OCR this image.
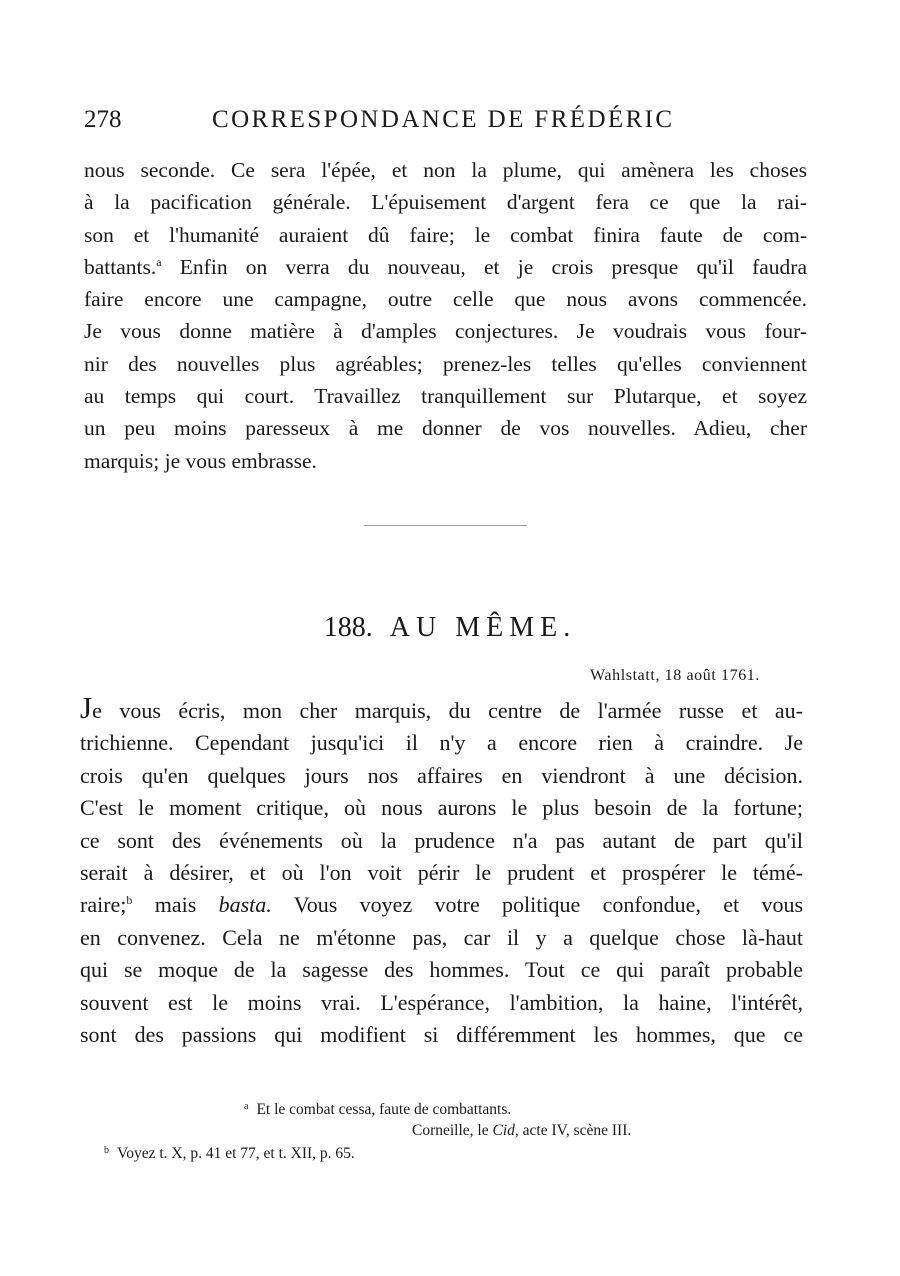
278	CORRESPONDANCE DE FRÉDÉRIC
nous seconde. Ce sera l'épée, et non la plume, qui amènera les choses
à la pacification générale. L'épuisement d'argent fera ce que la rai-
son et l'humanité auraient dû faire; le combat finira faute de com-
battants.$^a$ Enfin on verra du nouveau, et je crois presque qu'il faudra
faire encore une campagne, outre celle que nous avons commencée.
Je vous donne matière à d'amples conjectures. Je voudrais vous four-
nir des nouvelles plus agréables; prenez-les telles qu'elles conviennent
au temps qui court. Travaillez tranquillement sur Plutarque, et soyez
un peu moins paresseux à me donner de vos nouvelles. Adieu, cher
marquis; je vous embrasse.
188. AU MÊME.
Wahlstatt, 18 août 1761.
Je vous écris, mon cher marquis, du centre de l'armée russe et au-
trichienne. Cependant jusqu'ici il n'y a encore rien à craindre. Je
crois qu'en quelques jours nos affaires en viendront à une décision.
C'est le moment critique, où nous aurons le plus besoin de la fortune;
ce sont des événements où la prudence n'a pas autant de part qu'il
serait à désirer, et où l'on voit périr le prudent et prospérer le témé-
raire;$^b$ mais basta. Vous voyez votre politique confondue, et vous
en convenez. Cela ne m'étonne pas, car il y a quelque chose là-haut
qui se moque de la sagesse des hommes. Tout ce qui paraît probable
souvent est le moins vrai. L'espérance, l'ambition, la haine, l'intérêt,
sont des passions qui modifient si différemment les hommes, que ce
$^a$ Et le combat cessa, faute de combattants.
Corneille, le Cid, acte IV, scène III.
$^b$ Voyez t. X, p. 41 et 77, et t. XII, p. 65.
